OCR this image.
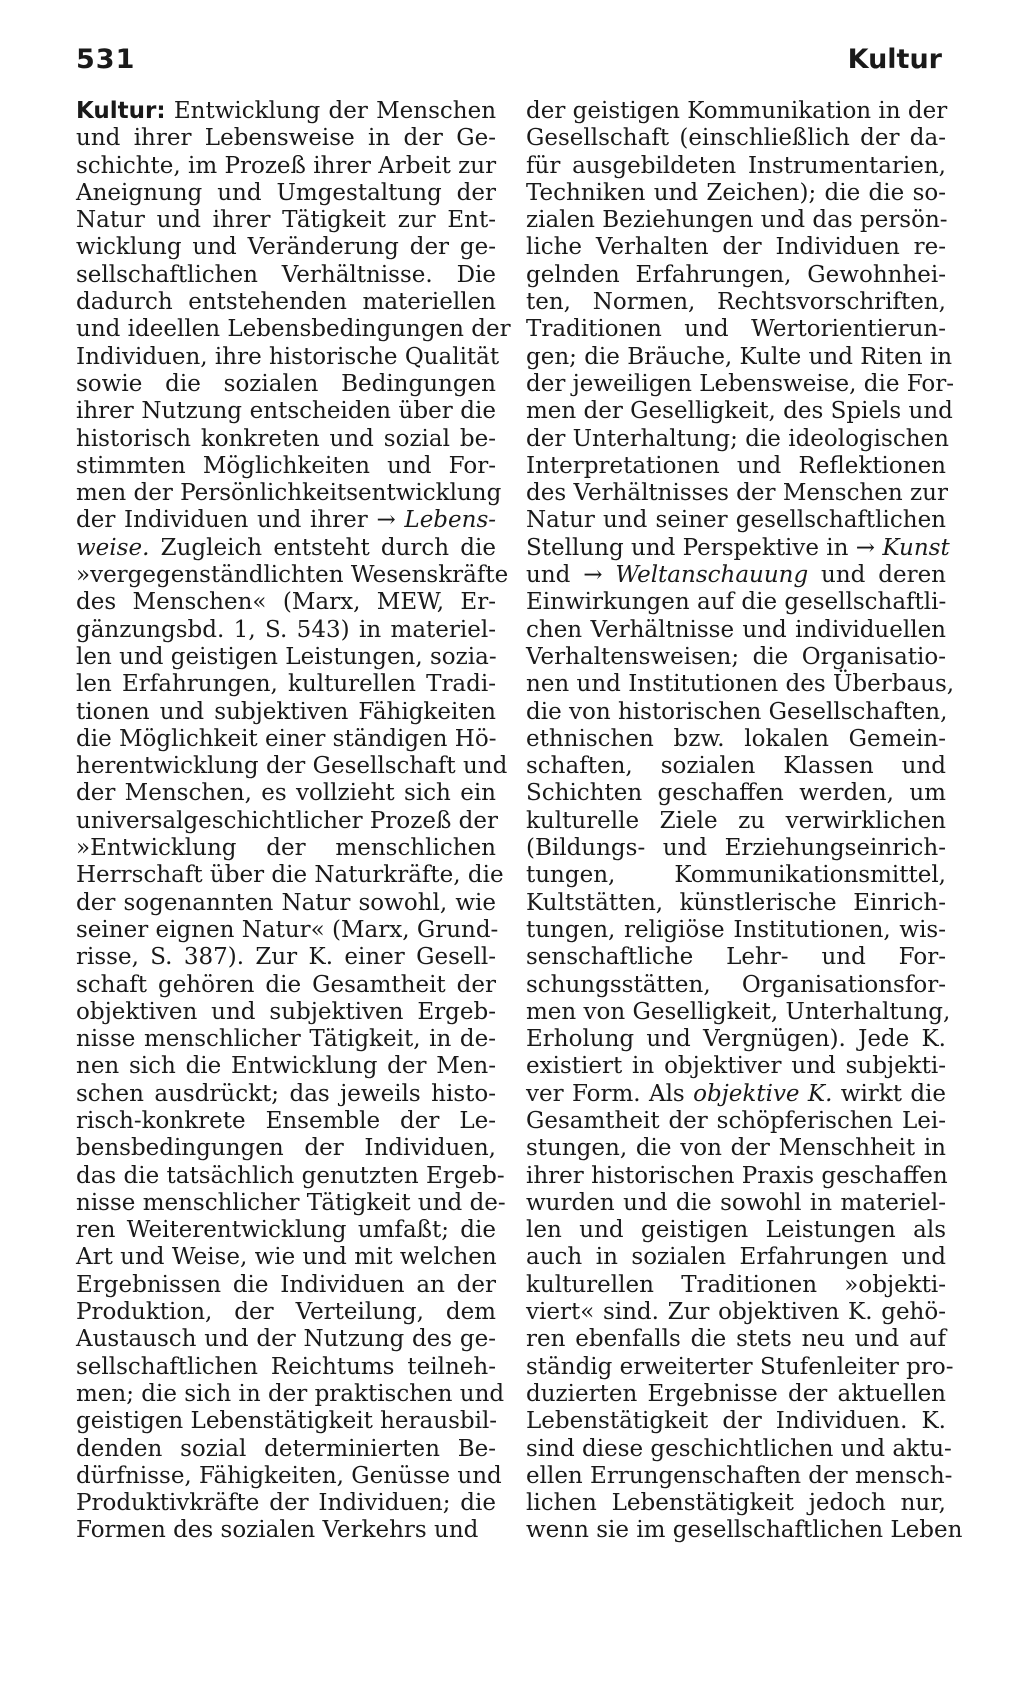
531	Kultur
Kultur: Entwicklung der Menschen
und ihrer Lebensweise in der Ge-
schichte, im Prozeß ihrer Arbeit zur
Aneignung und Umgestaltung der
Natur und ihrer Tätigkeit zur Ent-
wicklung und Veränderung der ge-
sellschaftlichen Verhältnisse. Die
dadurch entstehenden materiellen
und ideellen Lebensbedingungen der
Individuen, ihre historische Qualität
sowie die sozialen Bedingungen
ihrer Nutzung entscheiden über die
historisch konkreten und sozial be-
stimmten Möglichkeiten und For-
men der Persönlichkeitsentwicklung
der Individuen und ihrer → Lebens-
weise. Zugleich entsteht durch die
»vergegenständlichten Wesenskräfte
des Menschen« (Marx, MEW, Er-
gänzungsbd. 1, S. 543) in materiel-
len und geistigen Leistungen, sozia-
len Erfahrungen, kulturellen Tradi-
tionen und subjektiven Fähigkeiten
die Möglichkeit einer ständigen Hö-
herentwicklung der Gesellschaft und
der Menschen, es vollzieht sich ein
universalgeschichtlicher Prozeß der
»Entwicklung der menschlichen
Herrschaft über die Naturkräfte, die
der sogenannten Natur sowohl, wie
seiner eignen Natur« (Marx, Grund-
risse, S. 387). Zur K. einer Gesell-
schaft gehören die Gesamtheit der
objektiven und subjektiven Ergeb-
nisse menschlicher Tätigkeit, in de-
nen sich die Entwicklung der Men-
schen ausdrückt; das jeweils histo-
risch-konkrete Ensemble der Le-
bensbedingungen der Individuen,
das die tatsächlich genutzten Ergeb-
nisse menschlicher Tätigkeit und de-
ren Weiterentwicklung umfaßt; die
Art und Weise, wie und mit welchen
Ergebnissen die Individuen an der
Produktion, der Verteilung, dem
Austausch und der Nutzung des ge-
sellschaftlichen Reichtums teilneh-
men; die sich in der praktischen und
geistigen Lebenstätigkeit herausbil-
denden sozial determinierten Be-
dürfnisse, Fähigkeiten, Genüsse und
Produktivkräfte der Individuen; die
Formen des sozialen Verkehrs und
der geistigen Kommunikation in der
Gesellschaft (einschließlich der da-
für ausgebildeten Instrumentarien,
Techniken und Zeichen); die die so-
zialen Beziehungen und das persön-
liche Verhalten der Individuen re-
gelnden Erfahrungen, Gewohnhei-
ten, Normen, Rechtsvorschriften,
Traditionen und Wertorientierun-
gen; die Bräuche, Kulte und Riten in
der jeweiligen Lebensweise, die For-
men der Geselligkeit, des Spiels und
der Unterhaltung; die ideologischen
Interpretationen und Reflektionen
des Verhältnisses der Menschen zur
Natur und seiner gesellschaftlichen
Stellung und Perspektive in → Kunst
und → Weltanschauung und deren
Einwirkungen auf die gesellschaftli-
chen Verhältnisse und individuellen
Verhaltensweisen; die Organisatio-
nen und Institutionen des Überbaus,
die von historischen Gesellschaften,
ethnischen bzw. lokalen Gemein-
schaften, sozialen Klassen und
Schichten geschaffen werden, um
kulturelle Ziele zu verwirklichen
(Bildungs- und Erziehungseinrich-
tungen, Kommunikationsmittel,
Kultstätten, künstlerische Einrich-
tungen, religiöse Institutionen, wis-
senschaftliche Lehr- und For-
schungsstätten, Organisationsfor-
men von Geselligkeit, Unterhaltung,
Erholung und Vergnügen). Jede K.
existiert in objektiver und subjekti-
ver Form. Als objektive K. wirkt die
Gesamtheit der schöpferischen Lei-
stungen, die von der Menschheit in
ihrer historischen Praxis geschaffen
wurden und die sowohl in materiel-
len und geistigen Leistungen als
auch in sozialen Erfahrungen und
kulturellen Traditionen »objekti-
viert« sind. Zur objektiven K. gehö-
ren ebenfalls die stets neu und auf
ständig erweiterter Stufenleiter pro-
duzierten Ergebnisse der aktuellen
Lebenstätigkeit der Individuen. K.
sind diese geschichtlichen und aktu-
ellen Errungenschaften der mensch-
lichen Lebenstätigkeit jedoch nur,
wenn sie im gesellschaftlichen Leben
